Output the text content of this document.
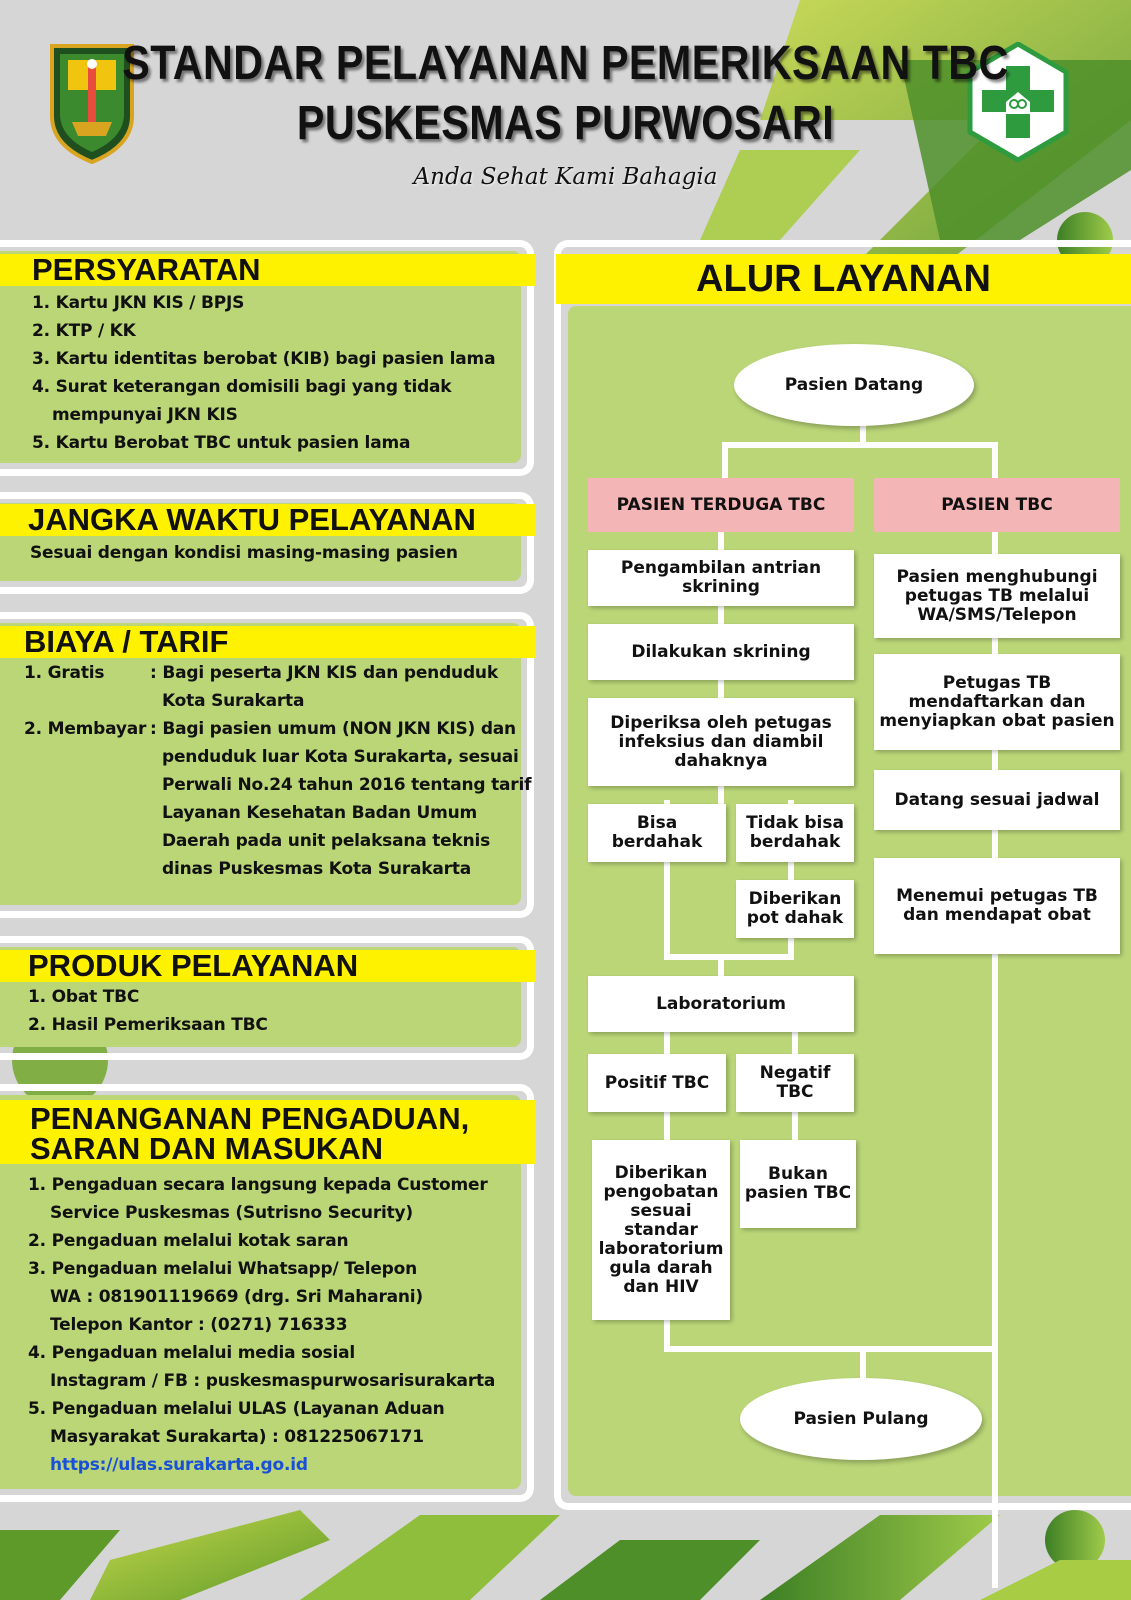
STANDAR PELAYANAN PEMERIKSAAN TBC
PUSKESMAS PURWOSARI
Anda Sehat Kami Bahagia
PERSYARATAN
1. Kartu JKN KIS / BPJS
2. KTP / KK
3. Kartu identitas berobat (KIB) bagi pasien lama
4. Surat keterangan domisili bagi yang tidak
mempunyai JKN KIS
5. Kartu Berobat TBC untuk pasien lama
JANGKA WAKTU PELAYANAN
Sesuai dengan kondisi masing-masing pasien
BIAYA / TARIF
1. Gratis	: Bagi peserta JKN KIS dan penduduk
Kota Surakarta
2. Membayar : Bagi pasien umum (NON JKN KIS) dan
penduduk luar Kota Surakarta, sesuai
Perwali No.24 tahun 2016 tentang tarif
Layanan Kesehatan Badan Umum
Daerah pada unit pelaksana teknis
dinas Puskesmas Kota Surakarta
PRODUK PELAYANAN
1. Obat TBC
2. Hasil Pemeriksaan TBC
PENANGANAN PENGADUAN,
SARAN DAN MASUKAN
1. Pengaduan secara langsung kepada Customer
Service Puskesmas (Sutrisno Security)
2. Pengaduan melalui kotak saran
3. Pengaduan melalui Whatsapp/ Telepon
WA : 081901119669 (drg. Sri Maharani)
Telepon Kantor : (0271) 716333
4. Pengaduan melalui media sosial
Instagram / FB : puskesmaspurwosarisurakarta
5. Pengaduan melalui ULAS (Layanan Aduan
Masyarakat Surakarta) : 081225067171
https://ulas.surakarta.go.id
ALUR LAYANAN
Pasien Datang
PASIEN TERDUGA TBC	PASIEN TBC
Pengambilan antrian skrining
Dilakukan skrining
Diperiksa oleh petugas infeksius dan diambil dahaknya
Bisa berdahak
Tidak bisa berdahak
Diberikan pot dahak
Laboratorium
Positif TBC	Negatif TBC
Diberikan pengobatan sesuai standar laboratorium gula darah dan HIV
Bukan pasien TBC
Pasien menghubungi petugas TB melalui WA/SMS/Telepon
Petugas TB mendaftarkan dan menyiapkan obat pasien
Datang sesuai jadwal
Menemui petugas TB dan mendapat obat
Pasien Pulang
